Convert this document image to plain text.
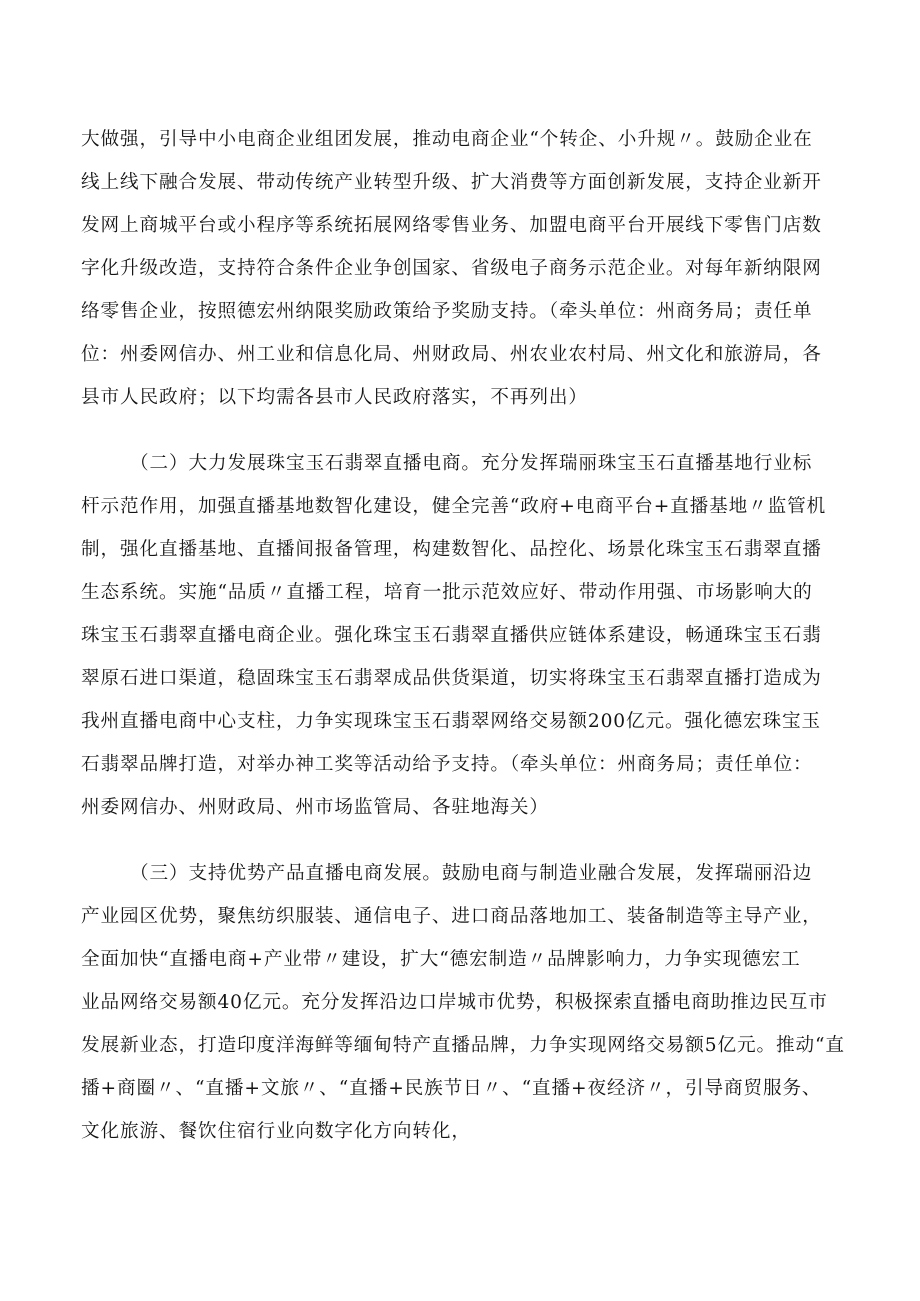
大做强，引导中小电商企业组团发展，推动电商企业“个转企、小升规〃。鼓励企业在
线上线下融合发展、带动传统产业转型升级、扩大消费等方面创新发展，支持企业新开
发网上商城平台或小程序等系统拓展网络零售业务、加盟电商平台开展线下零售门店数
字化升级改造，支持符合条件企业争创国家、省级电子商务示范企业。对每年新纳限网
络零售企业，按照德宏州纳限奖励政策给予奖励支持。（牵头单位：州商务局；责任单
位：州委网信办、州工业和信息化局、州财政局、州农业农村局、州文化和旅游局，各
县市人民政府；以下均需各县市人民政府落实，不再列出）
（二）大力发展珠宝玉石翡翠直播电商。充分发挥瑞丽珠宝玉石直播基地行业标
杆示范作用，加强直播基地数智化建设，健全完善“政府+电商平台+直播基地〃监管机
制，强化直播基地、直播间报备管理，构建数智化、品控化、场景化珠宝玉石翡翠直播
生态系统。实施“品质〃直播工程，培育一批示范效应好、带动作用强、市场影响大的
珠宝玉石翡翠直播电商企业。强化珠宝玉石翡翠直播供应链体系建设，畅通珠宝玉石翡
翠原石进口渠道，稳固珠宝玉石翡翠成品供货渠道，切实将珠宝玉石翡翠直播打造成为
我州直播电商中心支柱，力争实现珠宝玉石翡翠网络交易额200亿元。强化德宏珠宝玉
石翡翠品牌打造，对举办神工奖等活动给予支持。（牵头单位：州商务局；责任单位：
州委网信办、州财政局、州市场监管局、各驻地海关）
（三）支持优势产品直播电商发展。鼓励电商与制造业融合发展，发挥瑞丽沿边
产业园区优势，聚焦纺织服装、通信电子、进口商品落地加工、装备制造等主导产业，
全面加快“直播电商+产业带〃建设，扩大“德宏制造〃品牌影响力，力争实现德宏工
业品网络交易额40亿元。充分发挥沿边口岸城市优势，积极探索直播电商助推边民互市
发展新业态，打造印度洋海鲜等缅甸特产直播品牌，力争实现网络交易额5亿元。推动“直
播+商圈〃、“直播+文旅〃、“直播+民族节日〃、“直播+夜经济〃，引导商贸服务、
文化旅游、餐饮住宿行业向数字化方向转化，
